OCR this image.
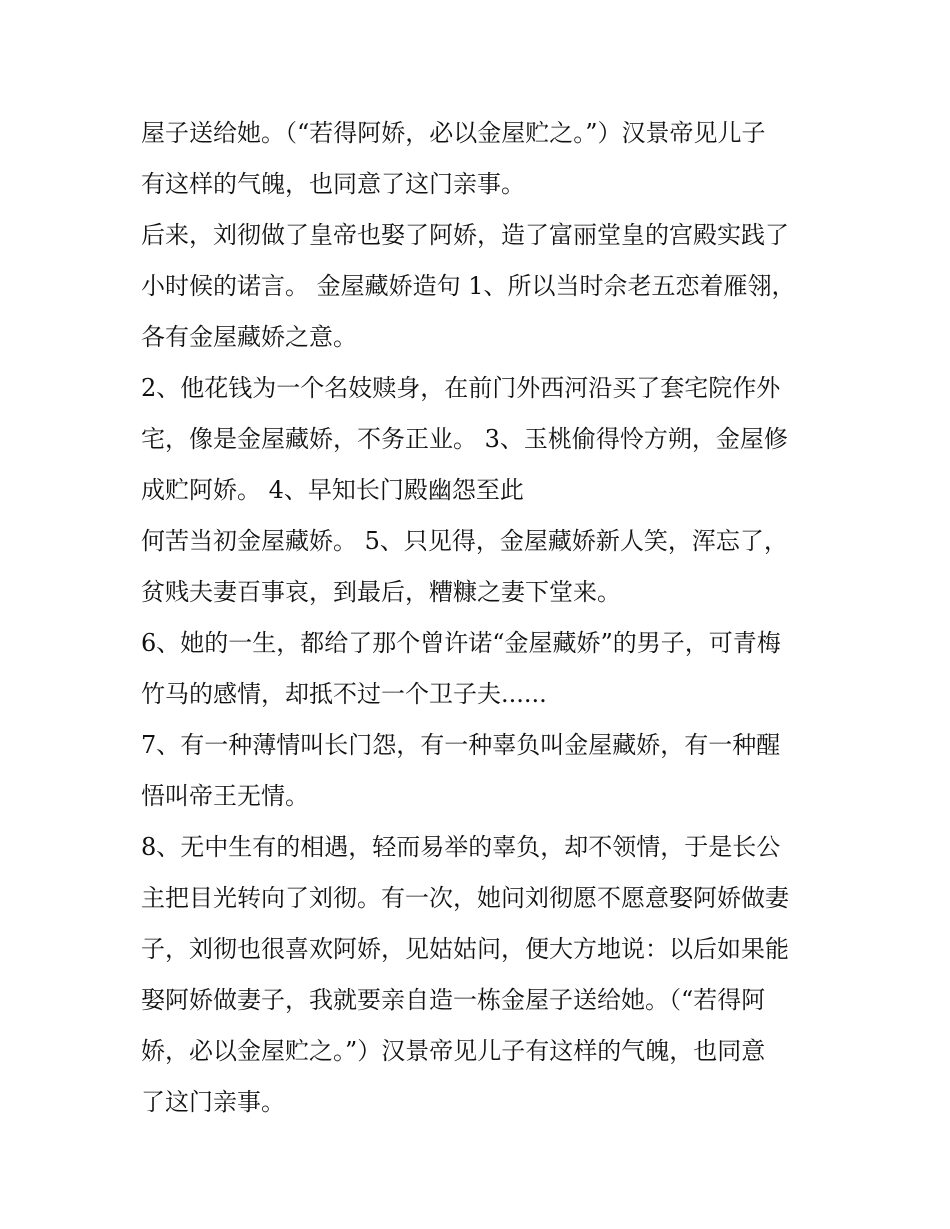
屋子送给她。（“若得阿娇，必以金屋贮之。”）汉景帝见儿子
有这样的气魄，也同意了这门亲事。
后来，刘彻做了皇帝也娶了阿娇，造了富丽堂皇的宫殿实践了
小时候的诺言。 金屋藏娇造句 1、所以当时佘老五恋着雁翎，
各有金屋藏娇之意。
2、他花钱为一个名妓赎身，在前门外西河沿买了套宅院作外
宅，像是金屋藏娇，不务正业。 3、玉桃偷得怜方朔，金屋修
成贮阿娇。 4、早知长门殿幽怨至此
何苦当初金屋藏娇。 5、只见得，金屋藏娇新人笑，浑忘了，
贫贱夫妻百事哀，到最后，糟糠之妻下堂来。
6、她的一生，都给了那个曾许诺“金屋藏娇”的男子，可青梅
竹马的感情，却抵不过一个卫子夫......
7、有一种薄情叫长门怨，有一种辜负叫金屋藏娇，有一种醒
悟叫帝王无情。
8、无中生有的相遇，轻而易举的辜负，却不领情，于是长公
主把目光转向了刘彻。有一次，她问刘彻愿不愿意娶阿娇做妻
子，刘彻也很喜欢阿娇，见姑姑问，便大方地说：以后如果能
娶阿娇做妻子，我就要亲自造一栋金屋子送给她。（“若得阿
娇，必以金屋贮之。”）汉景帝见儿子有这样的气魄，也同意
了这门亲事。
